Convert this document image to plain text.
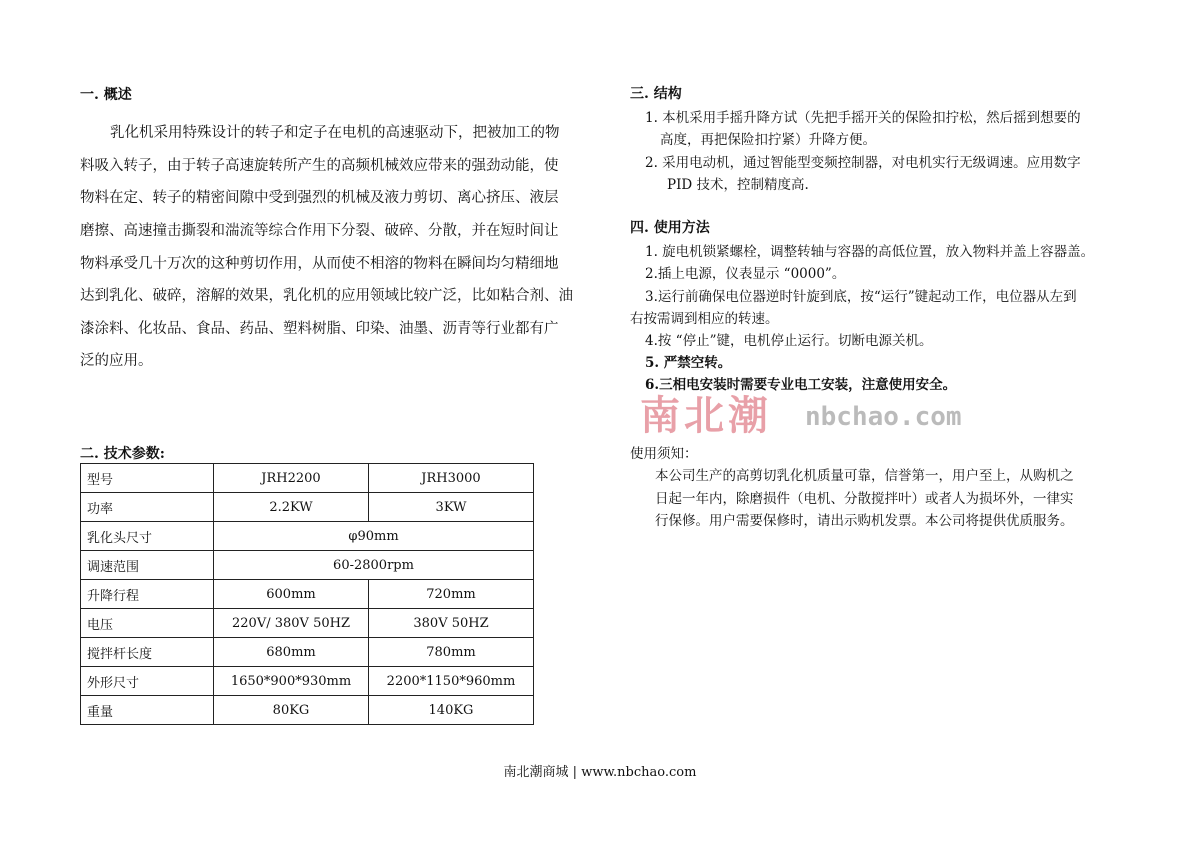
一. 概述
乳化机采用特殊设计的转子和定子在电机的高速驱动下，把被加工的物
料吸入转子，由于转子高速旋转所产生的高频机械效应带来的强劲动能，使
物料在定、转子的精密间隙中受到强烈的机械及液力剪切、离心挤压、液层
磨擦、高速撞击撕裂和湍流等综合作用下分裂、破碎、分散，并在短时间让
物料承受几十万次的这种剪切作用，从而使不相溶的物料在瞬间均匀精细地
达到乳化、破碎，溶解的效果，乳化机的应用领域比较广泛，比如粘合剂、油
漆涂料、化妆品、食品、药品、塑料树脂、印染、油墨、沥青等行业都有广
泛的应用。
二. 技术参数:
型号	JRH2200	JRH3000
功率	2.2KW	3KW
乳化头尺寸	φ90mm	
调速范围	60-2800rpm	
升降行程	600mm	720mm
电压	220V/ 380V 50HZ	380V 50HZ
搅拌杆长度	680mm	780mm
外形尺寸	1650*900*930mm	2200*1150*960mm
重量	80KG	140KG
三. 结构
1. 本机采用手摇升降方试（先把手摇开关的保险扣拧松，然后摇到想要的
高度，再把保险扣拧紧）升降方便。
2. 采用电动机，通过智能型变频控制器，对电机实行无级调速。应用数字
PID 技术，控制精度高.
四. 使用方法
1. 旋电机锁紧螺栓，调整转轴与容器的高低位置，放入物料并盖上容器盖。
2.插上电源，仪表显示 “0000”。
3.运行前确保电位器逆时针旋到底，按“运行”键起动工作，电位器从左到
右按需调到相应的转速。
4.按 “停止”键，电机停止运行。切断电源关机。
5. 严禁空转。
6.三相电安装时需要专业电工安装，注意使用安全。
南北潮 nbchao.com
使用须知：
本公司生产的高剪切乳化机质量可靠，信誉第一，用户至上，从购机之
日起一年内，除磨损件（电机、分散搅拌叶）或者人为损坏外，一律实
行保修。用户需要保修时，请出示购机发票。本公司将提供优质服务。
南北潮商城 | www.nbchao.com
